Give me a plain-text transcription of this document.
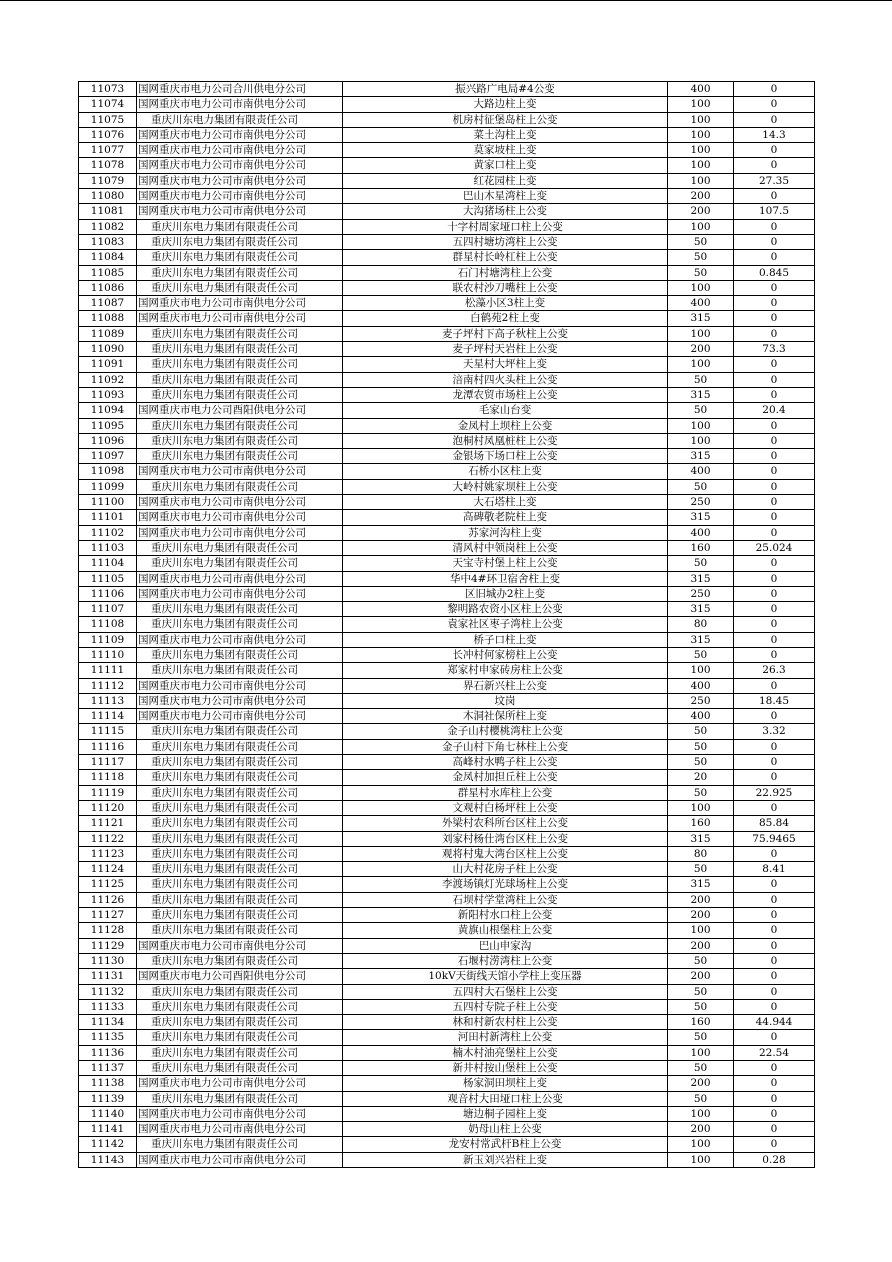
11073	国网重庆市电力公司合川供电分公司	振兴路广电局#4公变	400	0
11074	国网重庆市电力公司市南供电分公司	大路边柱上变	100	0
11075	重庆川东电力集团有限责任公司	机房村征堡岛柱上公变	100	0
11076	国网重庆市电力公司市南供电分公司	菜土沟柱上变	100	14.3
11077	国网重庆市电力公司市南供电分公司	莫家坡柱上变	100	0
11078	国网重庆市电力公司市南供电分公司	黄家口柱上变	100	0
11079	国网重庆市电力公司市南供电分公司	红花园柱上变	100	27.35
11080	国网重庆市电力公司市南供电分公司	巴山木星湾柱上变	200	0
11081	国网重庆市电力公司市南供电分公司	大沟猪场柱上公变	200	107.5
11082	重庆川东电力集团有限责任公司	十字村周家垭口柱上公变	100	0
11083	重庆川东电力集团有限责任公司	五四村塘坊湾柱上公变	50	0
11084	重庆川东电力集团有限责任公司	群星村长岭杠柱上公变	50	0
11085	重庆川东电力集团有限责任公司	石门村塘湾柱上公变	50	0.845
11086	重庆川东电力集团有限责任公司	联农村沙刀嘴柱上公变	100	0
11087	国网重庆市电力公司市南供电分公司	松藻小区3柱上变	400	0
11088	国网重庆市电力公司市南供电分公司	白鹤苑2柱上变	315	0
11089	重庆川东电力集团有限责任公司	麦子坪村下高子秋柱上公变	100	0
11090	重庆川东电力集团有限责任公司	麦子坪村天岩柱上公变	200	73.3
11091	重庆川东电力集团有限责任公司	天星村大坪柱上变	100	0
11092	重庆川东电力集团有限责任公司	涪南村四火头柱上公变	50	0
11093	重庆川东电力集团有限责任公司	龙潭农贸市场柱上公变	315	0
11094	国网重庆市电力公司酉阳供电分公司	毛家山台变	50	20.4
11095	重庆川东电力集团有限责任公司	金凤村上坝柱上公变	100	0
11096	重庆川东电力集团有限责任公司	泡桐村凤凰桩柱上公变	100	0
11097	重庆川东电力集团有限责任公司	金银场下场口柱上公变	315	0
11098	国网重庆市电力公司市南供电分公司	石桥小区柱上变	400	0
11099	重庆川东电力集团有限责任公司	大岭村姚家坝柱上公变	50	0
11100	国网重庆市电力公司市南供电分公司	大石塔柱上变	250	0
11101	国网重庆市电力公司市南供电分公司	高碑敬老院柱上变	315	0
11102	国网重庆市电力公司市南供电分公司	苏家河沟柱上变	400	0
11103	重庆川东电力集团有限责任公司	清风村中领岗柱上公变	160	25.024
11104	重庆川东电力集团有限责任公司	天宝寺村堡上柱上公变	50	0
11105	国网重庆市电力公司市南供电分公司	华中4#环卫宿舍柱上变	315	0
11106	国网重庆市电力公司市南供电分公司	区旧城办2柱上变	250	0
11107	重庆川东电力集团有限责任公司	黎明路农资小区柱上公变	315	0
11108	重庆川东电力集团有限责任公司	袁家社区枣子湾柱上公变	80	0
11109	国网重庆市电力公司市南供电分公司	桥子口柱上变	315	0
11110	重庆川东电力集团有限责任公司	长冲村何家榜柱上公变	50	0
11111	重庆川东电力集团有限责任公司	郑家村申家砖房柱上公变	100	26.3
11112	国网重庆市电力公司市南供电分公司	界石新兴柱上公变	400	0
11113	国网重庆市电力公司市南供电分公司	坟岗	250	18.45
11114	国网重庆市电力公司市南供电分公司	木洞社保所柱上变	400	0
11115	重庆川东电力集团有限责任公司	金子山村樱桃湾柱上公变	50	3.32
11116	重庆川东电力集团有限责任公司	金子山村下角七林柱上公变	50	0
11117	重庆川东电力集团有限责任公司	高峰村水鸭子柱上公变	50	0
11118	重庆川东电力集团有限责任公司	金凤村加担丘柱上公变	20	0
11119	重庆川东电力集团有限责任公司	群星村水库柱上公变	50	22.925
11120	重庆川东电力集团有限责任公司	文观村白杨坪柱上公变	100	0
11121	重庆川东电力集团有限责任公司	外梁村农科所台区柱上公变	160	85.84
11122	重庆川东电力集团有限责任公司	刘家村杨仕湾台区柱上公变	315	75.9465
11123	重庆川东电力集团有限责任公司	观将村鬼大湾台区柱上公变	80	0
11124	重庆川东电力集团有限责任公司	山大村花房子柱上公变	50	8.41
11125	重庆川东电力集团有限责任公司	李渡场镇灯光球场柱上公变	315	0
11126	重庆川东电力集团有限责任公司	石坝村学堂湾柱上公变	200	0
11127	重庆川东电力集团有限责任公司	新阳村水口柱上公变	200	0
11128	重庆川东电力集团有限责任公司	黄旗山根堡柱上公变	100	0
11129	国网重庆市电力公司市南供电分公司	巴山申家沟	200	0
11130	重庆川东电力集团有限责任公司	石堰村涝湾柱上公变	50	0
11131	国网重庆市电力公司酉阳供电分公司	10kV天街线天馆小学柱上变压器	200	0
11132	重庆川东电力集团有限责任公司	五四村大石堡柱上公变	50	0
11133	重庆川东电力集团有限责任公司	五四村专院子柱上公变	50	0
11134	重庆川东电力集团有限责任公司	林和村新农村柱上公变	160	44.944
11135	重庆川东电力集团有限责任公司	河田村新湾柱上公变	50	0
11136	重庆川东电力集团有限责任公司	楠木村油亮堡柱上公变	100	22.54
11137	重庆川东电力集团有限责任公司	新井村按山堡柱上公变	50	0
11138	国网重庆市电力公司市南供电分公司	杨家洞田坝柱上变	200	0
11139	重庆川东电力集团有限责任公司	观音村大田垭口柱上公变	50	0
11140	国网重庆市电力公司市南供电分公司	塘边桐子园柱上变	100	0
11141	国网重庆市电力公司市南供电分公司	奶母山柱上公变	200	0
11142	重庆川东电力集团有限责任公司	龙安村常武杆B柱上公变	100	0
11143	国网重庆市电力公司市南供电分公司	新玉刘兴岩柱上变	100	0.28
